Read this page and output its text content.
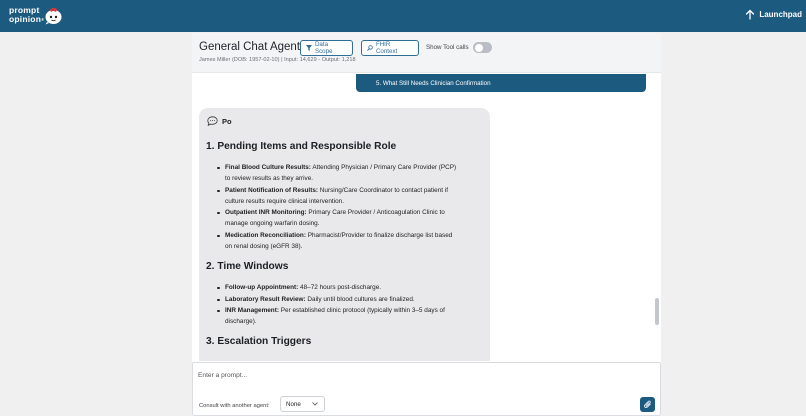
prompt
opinion®
Launchpad
General Chat Agent Data Scope
FHIR Context
Show Tool calls
James Miller (DOB: 1957-02-10) | Input: 14,629 - Output: 1,218
5. What Still Needs Clinician Confirmation
Po
1. Pending Items and Responsible Role
Final Blood Culture Results: Attending Physician / Primary Care Provider (PCP)
to review results as they arrive.
Patient Notification of Results: Nursing/Care Coordinator to contact patient if
culture results require clinical intervention.
Outpatient INR Monitoring: Primary Care Provider / Anticoagulation Clinic to
manage ongoing warfarin dosing.
Medication Reconciliation: Pharmacist/Provider to finalize discharge list based
on renal dosing (eGFR 38).
2. Time Windows
Follow-up Appointment: 48–72 hours post-discharge.
Laboratory Result Review: Daily until blood cultures are finalized.
INR Management: Per established clinic protocol (typically within 3–5 days of
discharge).
3. Escalation Triggers
Enter a prompt...
Consult with another agent:	None
